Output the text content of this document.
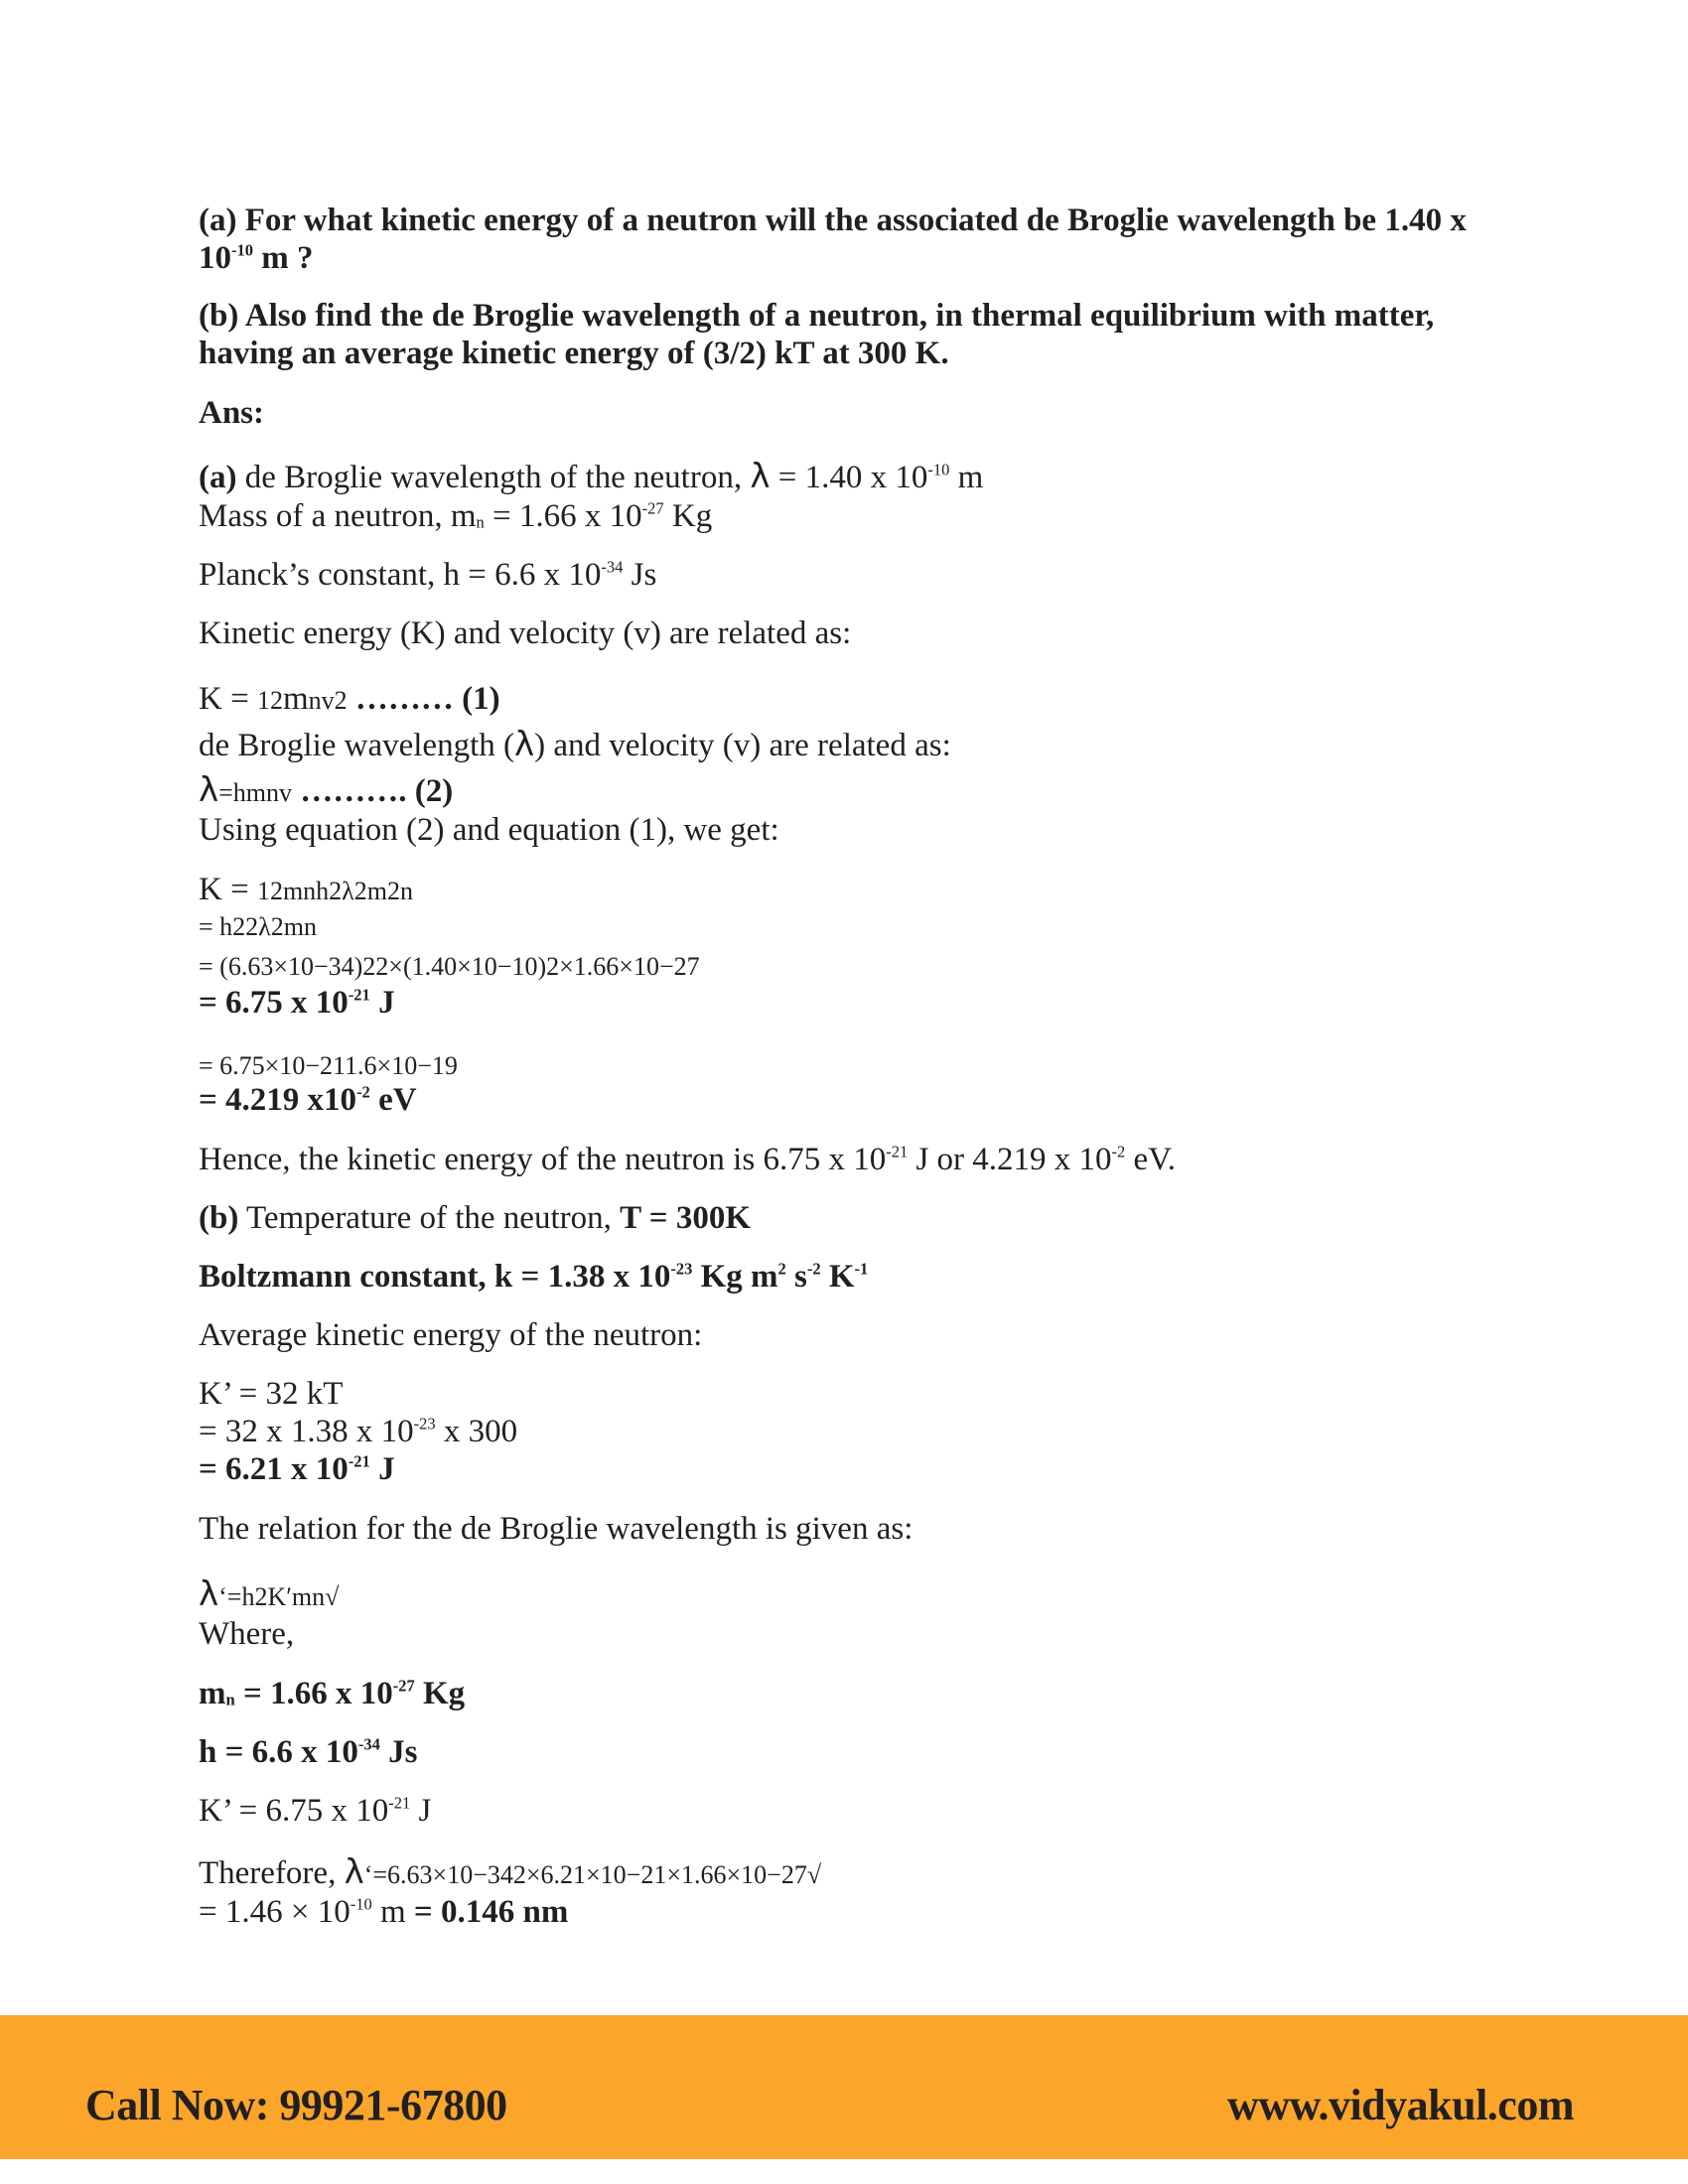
(a) For what kinetic energy of a neutron will the associated de Broglie wavelength be 1.40 x
$10^{-10}$ m ?
(b) Also find the de Broglie wavelength of a neutron, in thermal equilibrium with matter,
having an average kinetic energy of (3/2) kT at 300 K.
Ans:
(a) de Broglie wavelength of the neutron, λ = 1.40 x $10^{-10}$ m
Mass of a neutron, $m_n = 1.66$ x $10^{-27}$ Kg
Planck’s constant, h = 6.6 x $10^{-34}$ Js
Kinetic energy (K) and velocity (v) are related as:
K = 12mnv2 ……… (1)
de Broglie wavelength (λ) and velocity (v) are related as:
λ=hmnv ………. (2)
Using equation (2) and equation (1), we get:
K = 12mnh2λ2m2n
= h22λ2mn
= (6.63×10−34)22×(1.40×10−10)2×1.66×10−27
= 6.75 x $10^{-21}$ J
= 6.75×10−211.6×10−19
= 4.219 $x10^{-2}$ eV
Hence, the kinetic energy of the neutron is 6.75 x $10^{-21}$ J or 4.219 x $10^{-2}$ eV.
(b) Temperature of the neutron, T = 300K
Boltzmann constant, k = 1.38 x $10^{-23}$ Kg $m^2$ $s^{-2}$ $K^{-1}$
Average kinetic energy of the neutron:
K’ = 32 kT
= 32 x 1.38 x $10^{-23}$ x 300
= 6.21 x $10^{-21}$ J
The relation for the de Broglie wavelength is given as:
λ‘=h2K′mn√
Where,
$m_n = 1.66$ x $10^{-27}$ Kg
h = 6.6 x $10^{-34}$ Js
K’ = 6.75 x $10^{-21}$ J
Therefore, λ‘=6.63×10−342×6.21×10−21×1.66×10−27√
= $1.46 \times 10^{-10}$ m = 0.146 nm
Call Now: 99921-67800	www.vidyakul.com
